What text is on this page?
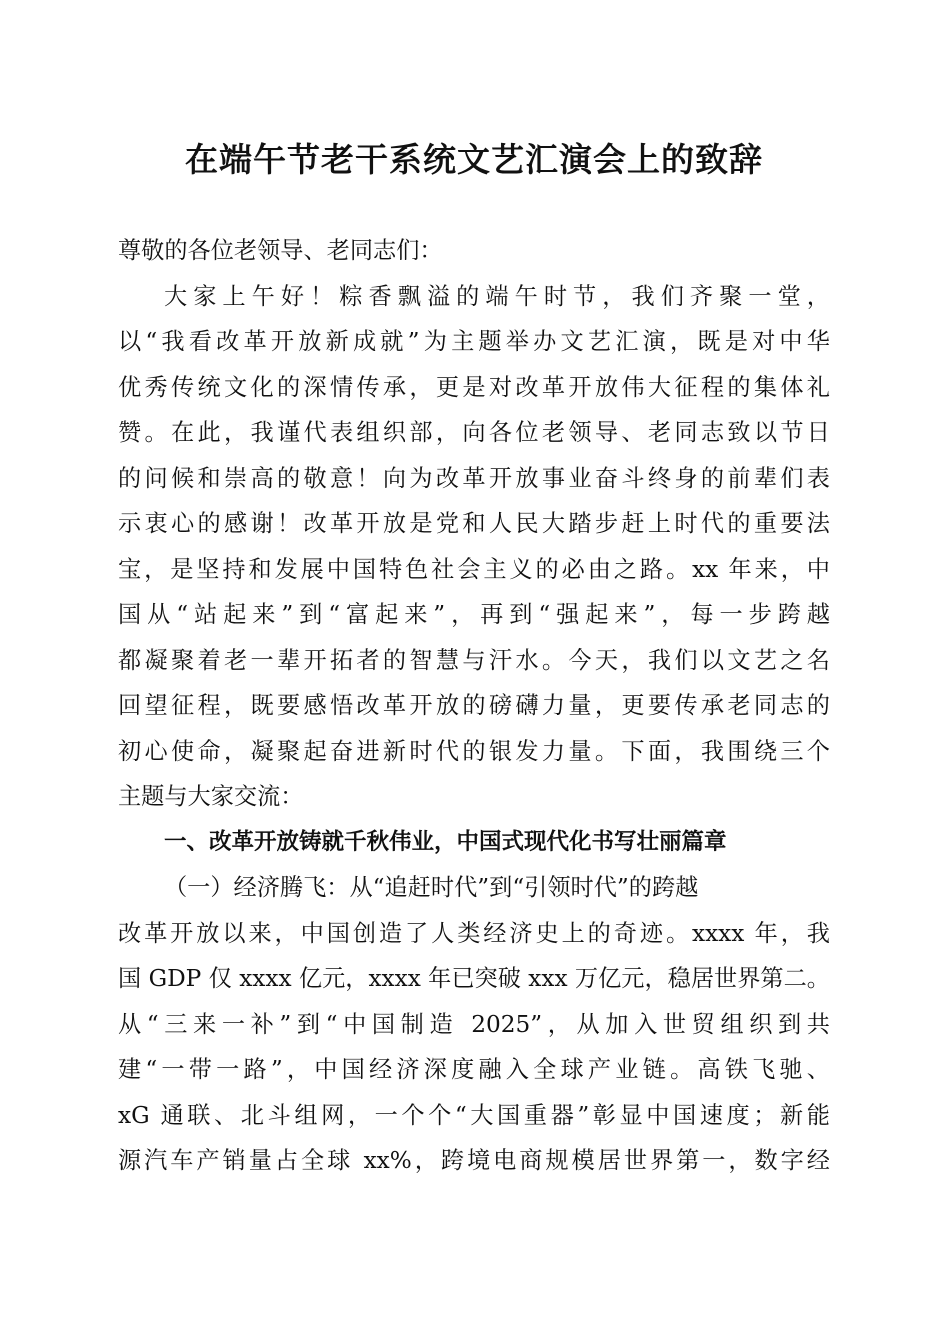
在端午节老干系统文艺汇演会上的致辞
尊敬的各位老领导、老同志们：
大家上午好！粽香飘溢的端午时节，我们齐聚一堂，
以“我看改革开放新成就”为主题举办文艺汇演，既是对中华
优秀传统文化的深情传承，更是对改革开放伟大征程的集体礼
赞。在此，我谨代表组织部，向各位老领导、老同志致以节日
的问候和崇高的敬意！向为改革开放事业奋斗终身的前辈们表
示衷心的感谢！改革开放是党和人民大踏步赶上时代的重要法
宝，是坚持和发展中国特色社会主义的必由之路。xx 年来，中
国从“站起来”到“富起来”，再到“强起来”，每一步跨越
都凝聚着老一辈开拓者的智慧与汗水。今天，我们以文艺之名
回望征程，既要感悟改革开放的磅礴力量，更要传承老同志的
初心使命，凝聚起奋进新时代的银发力量。下面，我围绕三个
主题与大家交流：
一、改革开放铸就千秋伟业，中国式现代化书写壮丽篇章
（一）经济腾飞：从“追赶时代”到“引领时代”的跨越
改革开放以来，中国创造了人类经济史上的奇迹。xxxx 年，我
国 GDP 仅 xxxx 亿元，xxxx 年已突破 xxx 万亿元，稳居世界第二。
从“三来一补”到“中国制造 2025”，从加入世贸组织到共
建“一带一路”，中国经济深度融入全球产业链。高铁飞驰、
xG 通联、北斗组网，一个个“大国重器”彰显中国速度；新能
源汽车产销量占全球 xx%，跨境电商规模居世界第一，数字经
